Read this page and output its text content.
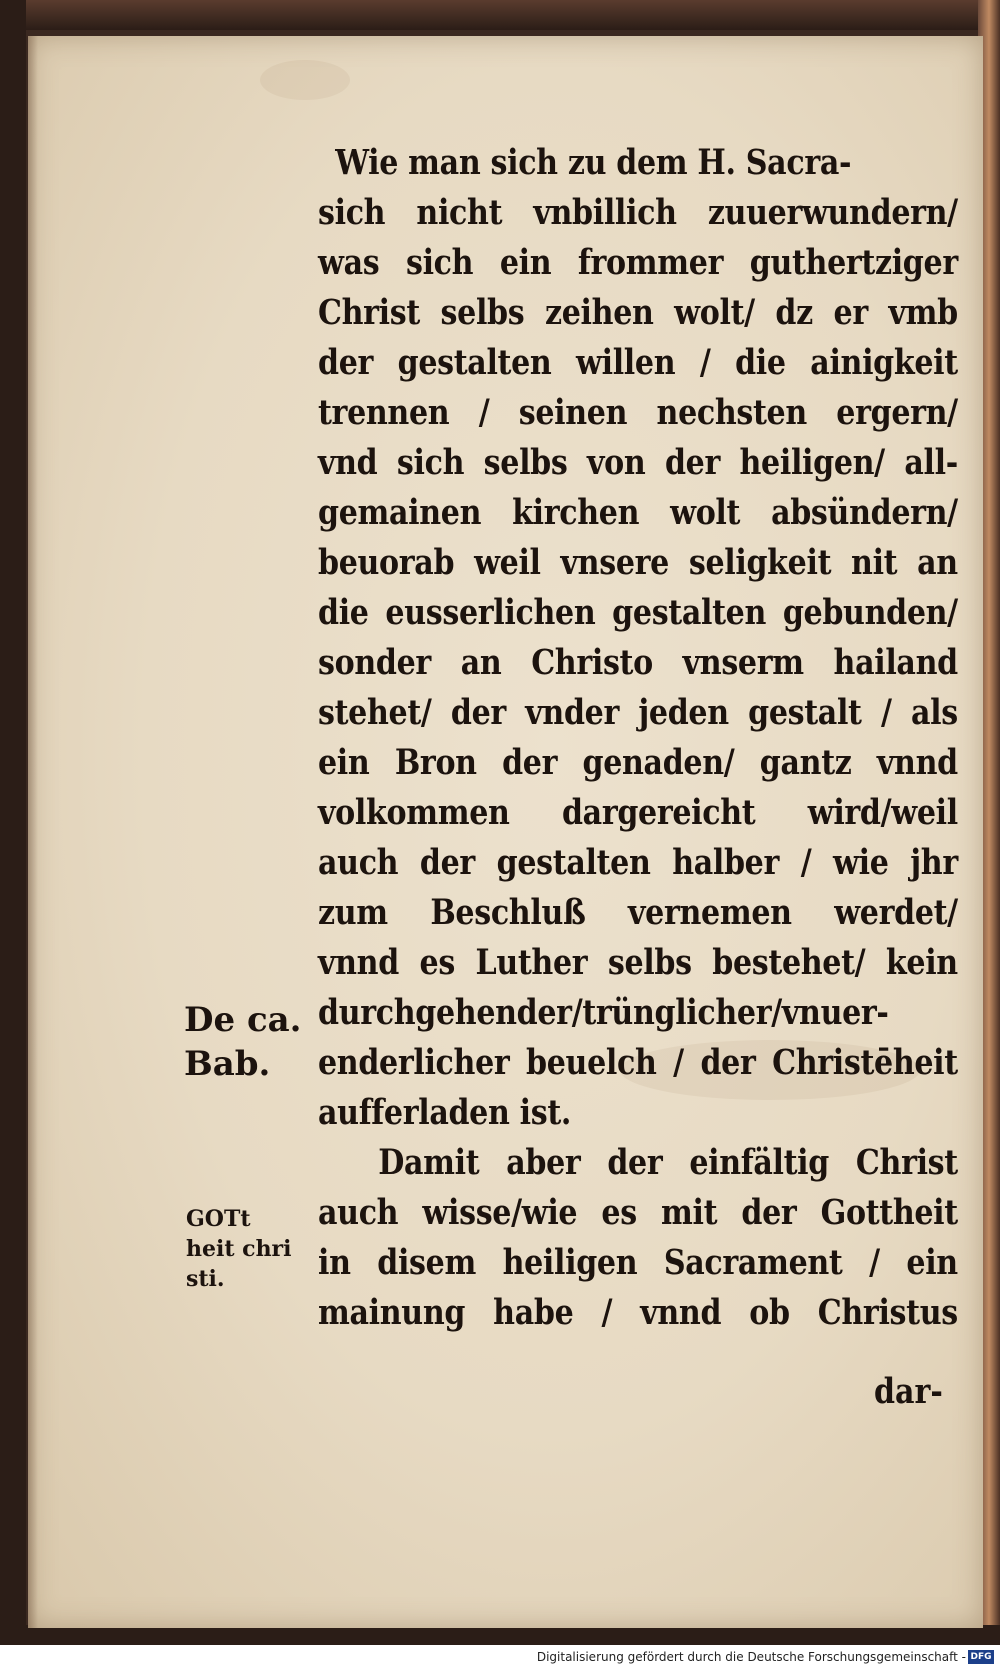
Wie man sich zu dem H. Sacra-
sich nicht vnbillich zuuerwundern/
was sich ein frommer guthertziger
Christ selbs zeihen wolt/ dz er vmb
der gestalten willen / die ainigkeit
trennen / seinen nechsten ergern/
vnd sich selbs von der heiligen/ all-
gemainen kirchen wolt absündern/
beuorab weil vnsere seligkeit nit an
die eusserlichen gestalten gebunden/
sonder an Christo vnserm hailand
stehet/ der vnder jeden gestalt / als
ein Bron der genaden/ gantz vnnd
volkommen dargereicht wird/weil
auch der gestalten halber / wie jhr
zum Beschluß vernemen werdet/
vnnd es Luther selbs bestehet/ kein
durchgehender/trünglicher/vnuer-
enderlicher beuelch / der Christēheit
aufferladen ist.
Damit aber der einfältig Christ
auch wisse/wie es mit der Gottheit
in disem heiligen Sacrament / ein
mainung habe / vnnd ob Christus
dar-
De ca.
Bab.
GOTt
heit chri
sti.
Digitalisierung gefördert durch die Deutsche Forschungsgemeinschaft - DFG
